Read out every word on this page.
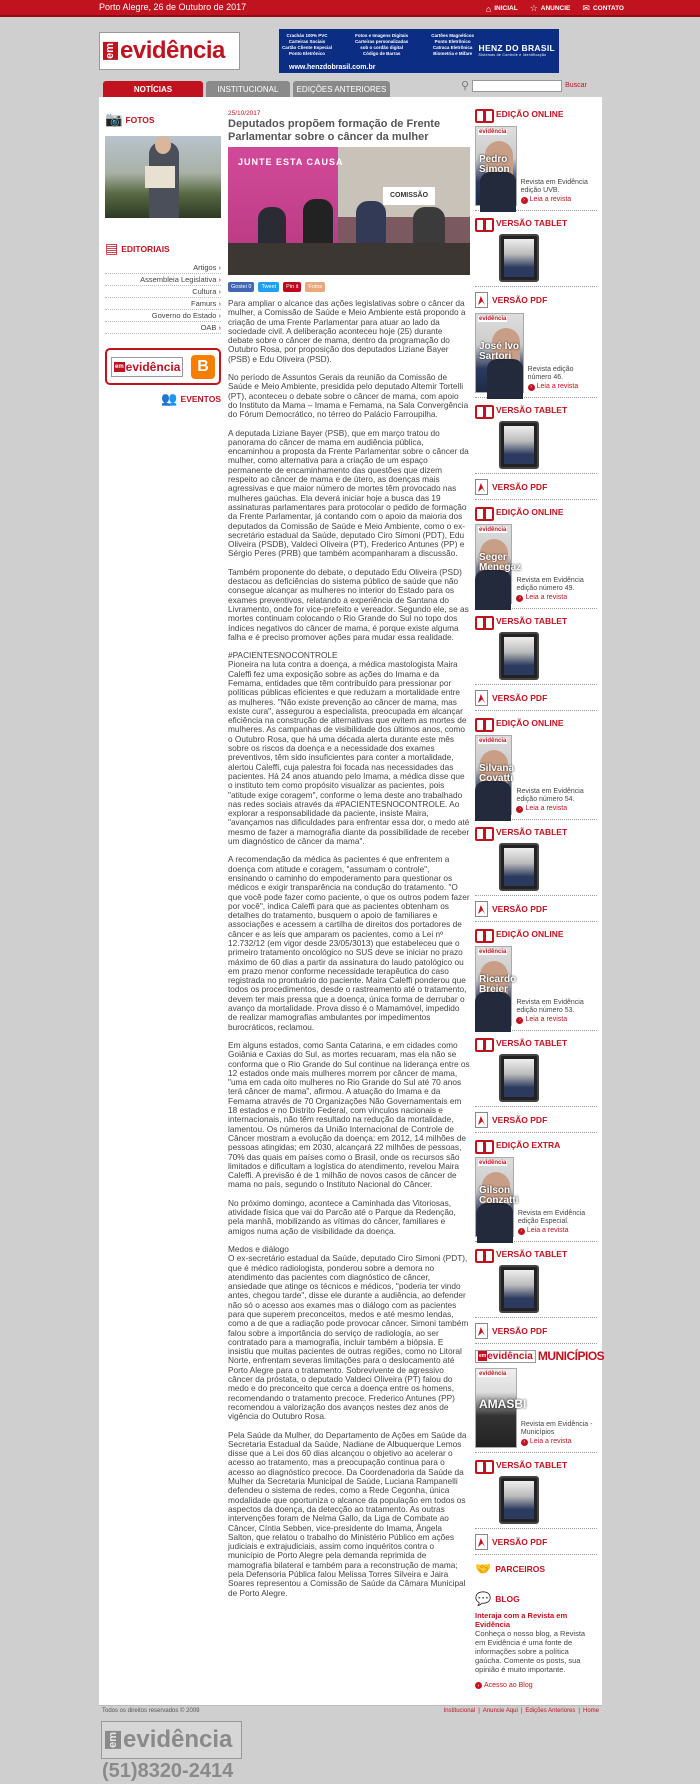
Porto Alegre, 26 de Outubro de 2017	⌂ INICIAL ☆ ANUNCIE ✉ CONTATO
em evidência
Crachás 100% PVC
Carteiras Sociais
Cartão Cliente Especial
Ponto Eletrônico
Fotos e Imagens Digitais
Carteiras personalizadas
sob o cordão digital
Código de Barras
Cartões Magnéticos
Ponto Eletrônico
Catraca Eletrônica
Biometria e Mifare
www.henzdobrasil.com.br
HENZ DO BRASIL
Sistemas de Controle e Identificação
NOTÍCIAS	INSTITUCIONAL	EDIÇÕES ANTERIORES	⚲	Buscar
📷 FOTOS
▤ EDITORIAIS
Artigos ›
Assembleia Legislativa ›
Cultura ›
Famurs ›
Governo do Estado ›
OAB ›
em evidência	B
👥 EVENTOS
25/10/2017
Deputados propõem formação de Frente Parlamentar sobre o câncer da mulher
JUNTE ESTA CAUSA
COMISSÃO
Gostei 0	Tweet	Pin it	Fotos

Para ampliar o alcance das ações legislativas sobre o câncer da mulher, a Comissão de Saúde e Meio Ambiente está propondo a criação de uma Frente Parlamentar para atuar ao lado da sociedade civil. A deliberação aconteceu hoje (25) durante debate sobre o câncer de mama, dentro da programação do Outubro Rosa, por proposição dos deputados Liziane Bayer (PSB) e Edu Oliveira (PSD).

No período de Assuntos Gerais da reunião da Comissão de Saúde e Meio Ambiente, presidida pelo deputado Altemir Tortelli (PT), aconteceu o debate sobre o câncer de mama, com apoio do Instituto da Mama – Imama e Femama, na Sala Convergência do Fórum Democrático, no térreo do Palácio Farroupilha.

A deputada Liziane Bayer (PSB), que em março tratou do panorama do câncer de mama em audiência pública, encaminhou a proposta da Frente Parlamentar sobre o câncer da mulher, como alternativa para a criação de um espaço permanente de encaminhamento das questões que dizem respeito ao câncer de mama e de útero, as doenças mais agressivas e que maior número de mortes têm provocado nas mulheres gaúchas. Ela deverá iniciar hoje a busca das 19 assinaturas parlamentares para protocolar o pedido de formação da Frente Parlamentar, já contando com o apoio da maioria dos deputados da Comissão de Saúde e Meio Ambiente, como o ex-secretário estadual da Saúde, deputado Ciro Simoni (PDT), Edu Oliveira (PSDB), Valdeci Oliveira (PT), Frederico Antunes (PP) e Sérgio Peres (PRB) que também acompanharam a discussão.

Também proponente do debate, o deputado Edu Oliveira (PSD) destacou as deficiências do sistema público de saúde que não consegue alcançar as mulheres no interior do Estado para os exames preventivos, relatando a experiência de Santana do Livramento, onde for vice-prefeito e vereador. Segundo ele, se as mortes continuam colocando o Rio Grande do Sul no topo dos índices negativos do câncer de mama, é porque existe alguma falha e é preciso promover ações para mudar essa realidade.

#PACIENTESNOCONTROLE
Pioneira na luta contra a doença, a médica mastologista Maira Caleffi fez uma exposição sobre as ações do Imama e da Femama, entidades que têm contribuído para pressionar por políticas públicas eficientes e que reduzam a mortalidade entre as mulheres. "Não existe prevenção ao câncer de mama, mas existe cura", assegurou a especialista, preocupada em alcançar eficiência na construção de alternativas que evitem as mortes de mulheres. As campanhas de visibilidade dos últimos anos, como o Outubro Rosa, que há uma década alerta durante este mês sobre os riscos da doença e a necessidade dos exames preventivos, têm sido insuficientes para conter a mortalidade, alertou Caleffi, cuja palestra foi focada nas necessidades das pacientes. Há 24 anos atuando pelo Imama, a médica disse que o instituto tem como propósito visualizar as pacientes, pois "atitude exige coragem", conforme o lema deste ano trabalhado nas redes sociais através da #PACIENTESNOCONTROLE. Ao explorar a responsabilidade da paciente, insiste Maira, "avançamos nas dificuldades para enfrentar essa dor, o medo até mesmo de fazer a mamografia diante da possibilidade de receber um diagnóstico de câncer da mama".

A recomendação da médica às pacientes é que enfrentem a doença com atitude e coragem, "assumam o controle", ensinando o caminho do empoderamento para questionar os médicos e exigir transparência na condução do tratamento. "O que você pode fazer como paciente, o que os outros podem fazer por você", indica Caleffi para que as pacientes obtenham os detalhes do tratamento, busquem o apoio de familiares e associações e acessem a cartilha de direitos dos portadores de câncer e as leis que amparam os pacientes, como a Lei nº 12.732/12 (em vigor desde 23/05/3013) que estabeleceu que o primeiro tratamento oncológico no SUS deve se iniciar no prazo máximo de 60 dias a partir da assinatura do laudo patológico ou em prazo menor conforme necessidade terapêutica do caso registrada no prontuário do paciente. Maira Caleffi ponderou que todos os procedimentos, desde o rastreamento até o tratamento, devem ter mais pressa que a doença, única forma de derrubar o avanço da mortalidade. Prova disso é o Mamamóvel, impedido de realizar mamografias ambulantes por impedimentos burocráticos, reclamou.

Em alguns estados, como Santa Catarina, e em cidades como Goiânia e Caxias do Sul, as mortes recuaram, mas ela não se conforma que o Rio Grande do Sul continue na liderança entre os 12 estados onde mais mulheres morrem por câncer de mama, "uma em cada oito mulheres no Rio Grande do Sul até 70 anos terá câncer de mama", afirmou. A atuação do Imama e da Femama através de 70 Organizações Não Governamentais em 18 estados e no Distrito Federal, com vínculos nacionais e internacionais, não têm resultado na redução da mortalidade, lamentou. Os números da União Internacional de Controle de Câncer mostram a evolução da doença: em 2012, 14 milhões de pessoas atingidas; em 2030, alcançará 22 milhões de pessoas, 70% das quais em países como o Brasil, onde os recursos são limitados e dificultam a logística do atendimento, revelou Maira Caleffi. A previsão é de 1 milhão de novos casos de câncer de mama no país, segundo o Instituto Nacional do Câncer.

No próximo domingo, acontece a Caminhada das Vitoriosas, atividade física que vai do Parcão até o Parque da Redenção, pela manhã, mobilizando as vítimas do câncer, familiares e amigos numa ação de visibilidade da doença.

Medos e diálogo
O ex-secretário estadual da Saúde, deputado Ciro Simoni (PDT), que é médico radiologista, ponderou sobre a demora no atendimento das pacientes com diagnóstico de câncer, ansiedade que atinge os técnicos e médicos, "poderia ter vindo antes, chegou tarde", disse ele durante a audiência, ao defender não só o acesso aos exames mas o diálogo com as pacientes para que superem preconceitos, medos e até mesmo lendas, como a de que a radiação pode provocar câncer. Simoni também falou sobre a importância do serviço de radiologia, ao ser contratado para a mamografia, incluir também a biópsia. E insistiu que muitas pacientes de outras regiões, como no Litoral Norte, enfrentam severas limitações para o deslocamento até Porto Alegre para o tratamento. Sobrevivente de agressivo câncer da próstata, o deputado Valdeci Oliveira (PT) falou do medo e do preconceito que cerca a doença entre os homens, recomendando o tratamento precoce. Frederico Antunes (PP) recomendou a valorização dos avanços nestes dez anos de vigência do Outubro Rosa.

Pela Saúde da Mulher, do Departamento de Ações em Saúde da Secretaria Estadual da Saúde, Nadiane de Albuquerque Lemos disse que a Lei dos 60 dias alcançou o objetivo ao acelerar o acesso ao tratamento, mas a preocupação continua para o acesso ao diagnóstico precoce. Da Coordenadoria da Saúde da Mulher da Secretaria Municipal de Saúde, Luciana Rampanelli defendeu o sistema de redes, como a Rede Cegonha, única modalidade que oportuniza o alcance da população em todos os aspectos da doença, da detecção ao tratamento. As outras intervenções foram de Nelma Gallo, da Liga de Combate ao Câncer, Cíntia Sebben, vice-presidente do Imama, Ângela Salton, que relatou o trabalho do Ministério Público em ações judiciais e extrajudiciais, assim como inquéritos contra o município de Porto Alegre pela demanda reprimida de mamografia bilateral e também para a reconstrução de mama; pela Defensoria Pública falou Melissa Torres Silveira e Jaira Soares representou a Comissão de Saúde da Câmara Municipal de Porto Alegre.

EDIÇÃO ONLINE
evidência
Pedro
Simon
Revista em Evidência edição UVB.
› Leia a revista
VERSÃO TABLET
VERSÃO PDF
evidência
José Ivo
Sartori
Revista edição número 46.
› Leia a revista
VERSÃO TABLET
VERSÃO PDF
EDIÇÃO ONLINE
evidência
Seger
Menegaz
Revista em Evidência edição número 49.
› Leia a revista
VERSÃO TABLET
VERSÃO PDF
EDIÇÃO ONLINE
evidência
Silvana
Covatti
Revista em Evidência edição número 54.
› Leia a revista
VERSÃO TABLET
VERSÃO PDF
EDIÇÃO ONLINE
evidência
Ricardo
Breier
Revista em Evidência edição número 53.
› Leia a revista
VERSÃO TABLET
VERSÃO PDF
EDIÇÃO EXTRA
evidência
Gilson
Conzatti
Revista em Evidência edição Especial.
› Leia a revista
VERSÃO TABLET
VERSÃO PDF
em evidência MUNICÍPIOS
evidência
AMASBI
Revista em Evidência - Municípios
› Leia a revista
VERSÃO TABLET
VERSÃO PDF
🤝 PARCEIROS
💬 BLOG
Interaja com a Revista em Evidência
Conheça o nosso blog, a Revista em Evidência é uma fonte de informações sobre a política gaúcha. Comente os posts, sua opinião é muito importante.
› Acesso ao Blog
Todos os direitos reservados © 2009	Institucional | Anuncie Aqui | Edições Anteriores | Home
em evidência
(51)8320-2414
